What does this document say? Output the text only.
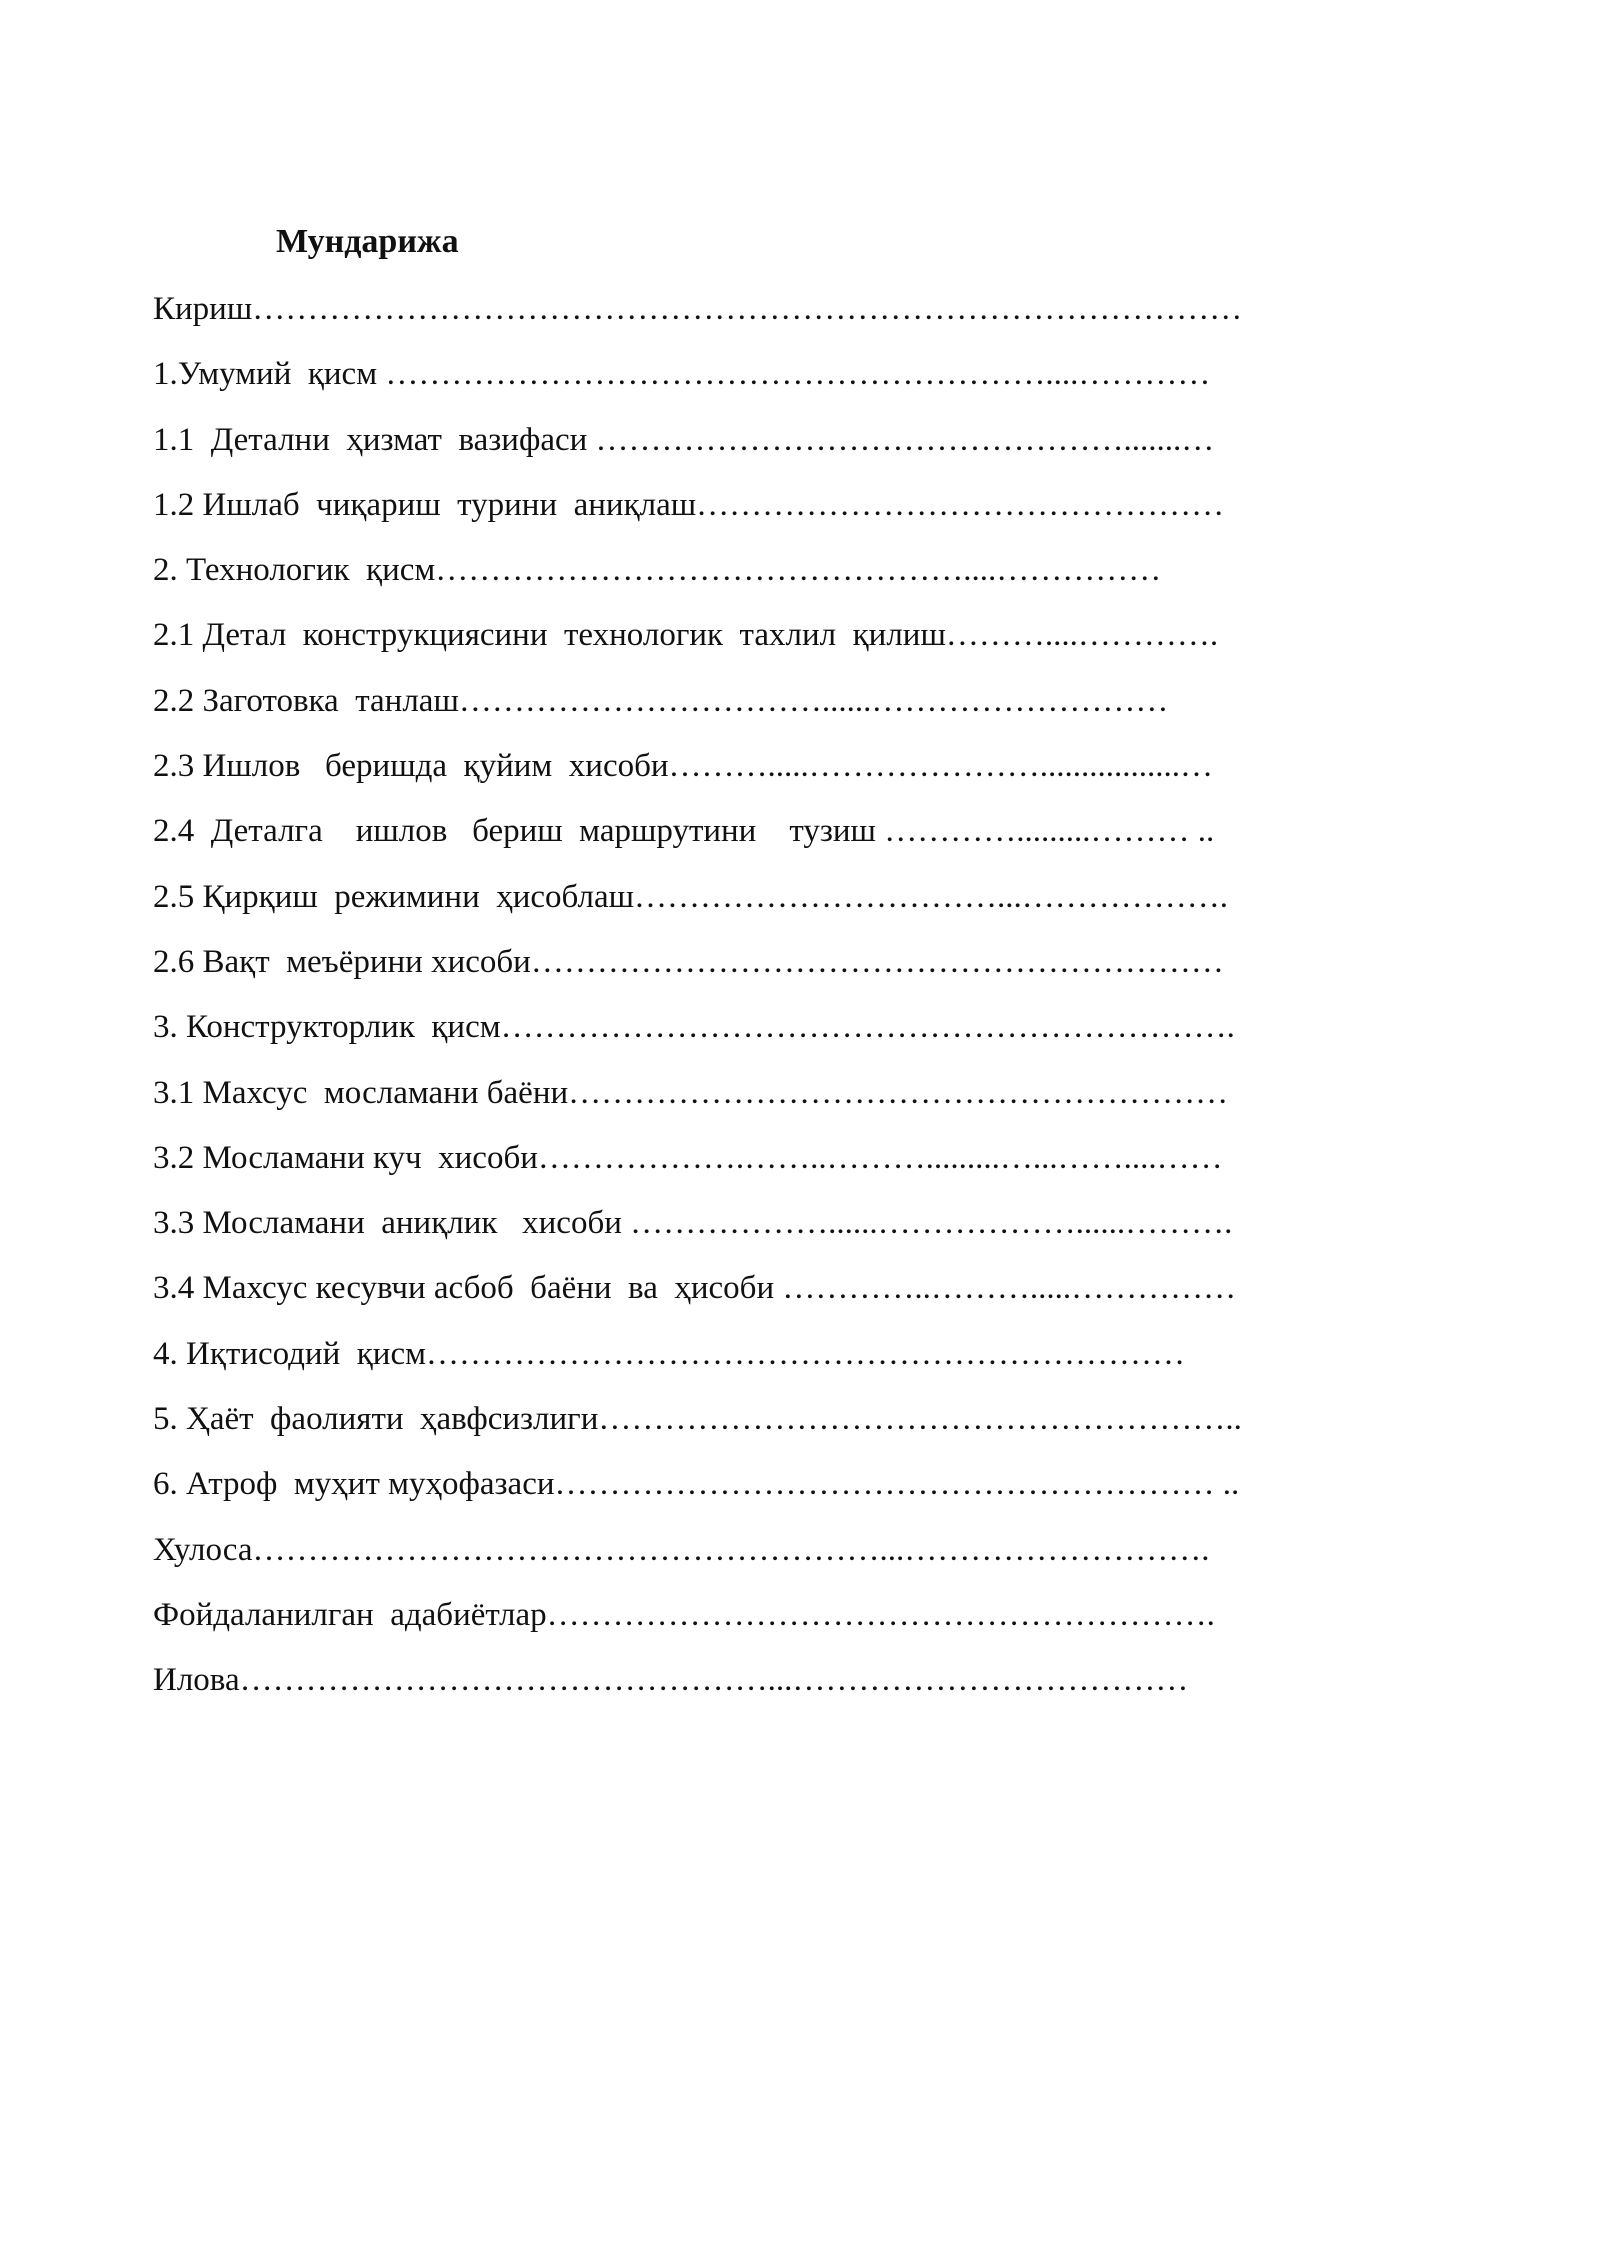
Мундарижа
Кириш………………………………………………………………………………
1.Умумий  қисм ……………………………………………………....…………
1.1  Детални  ҳизмат  вазифаси ………………………………………….......…
1.2 Ишлаб  чиқариш  турини  аниқлаш…………………………………………
2. Технологик  қисм…………………………………………....……………
2.1 Детал  конструкциясини  технологик  тахлил  қилиш………....………….
2.2 Заготовка  танлаш……………………………......………………………
2.3 Ишлов   беришда  қуйим  хисоби……….....………………….................…
2.4  Деталга    ишлов   бериш  маршрутини    тузиш ………….........……… ..
2.5 Қирқиш  режимини  ҳисоблаш……………………………...……………….
2.6 Вақт  меъёрини хисоби………………………………………………………
3. Конструкторлик  қисм………………………………………………………….
3.1 Махсус  мосламани баёни……………………………………………………
3.2 Мосламани куч  хисоби……………….……..……….........…...……....……
3.3 Мосламани  аниқлик   хисоби ………………......………………......……….
3.4 Махсус кесувчи асбоб  баёни  ва  ҳисоби …………..……….....……………
4. Иқтисодий  қисм……………………………………………………………
5. Ҳаёт  фаолияти  ҳавфсизлиги…………………………………………………..
6. Атроф  муҳит муҳофазаси…………………………………………………… ..
Хулоса…………………………………………………...……………………….
Фойдаланилган  адабиётлар…………………………………………………….
Илова…………………………………………...………………………………
